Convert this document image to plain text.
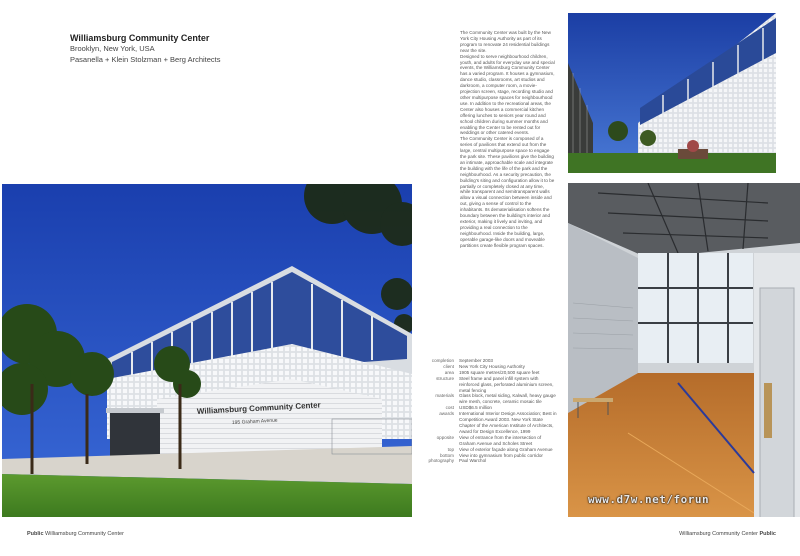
Williamsburg Community Center
Brooklyn, New York, USA
Pasanella + Klein Stolzman + Berg Architects

The Community Center was built by the New York City Housing Authority as part of its program to renovate 24 residential buildings near the site.

Designed to serve neighbourhood children, youth, and adults for everyday use and special events, the Williamsburg Community Center has a varied program. It houses a gymnasium, dance studio, classrooms, art studios and darkroom, a computer room, a movie-projection screen, stage, recording studio and other multipurpose spaces for neighbourhood use. In addition to the recreational areas, the Center also houses a commercial kitchen offering lunches to seniors year round and school children during summer months and enabling the Center to be rented out for weddings or other catered events.

The Community Center is composed of a series of pavilions that extend out from the large, central multipurpose space to engage the park site. These pavilions give the building an intimate, approachable scale and integrate the building with the life of the park and the neighbourhood. As a security precaution, the building's siting and configuration allow it to be partially or completely closed at any time, while transparent and semitransparent walls allow a visual connection between inside and out, giving a sense of control to the inhabitants. Its dematerialisation softens the boundary between the building's interior and exterior, making it lively and inviting, and providing a real connection to the neighbourhood. Inside the building, large, operable garage-like doors and moveable partitions create flexible program spaces.

completion	September 2003
client	New York City Housing Authority
area	1905 square metres/20,500 square feet
structure	Steel frame and panel infill system with reinforced glass, perforated aluminium screen, metal fencing
materials	Glass block, metal siding, Kalwall, heavy gauge wire mesh, concrete, ceramic mosaic tile
cost	USD$6.5 million
awards	International Interior Design Association; Best in Competition Award 2003. New York State Chapter of the American Institute of Architects, Award for Design Excellence, 1999
opposite	View of entrance from the intersection of Graham Avenue and Scholes Street
top	View of exterior façade along Graham Avenue
bottom	View into gymnasium from public corridor
photography	Paul Warchol
Williamsburg Community Center
195 Graham Avenue
www.d7w.net/forun
Public Williamsburg Community Center	Williamsburg Community Center Public
